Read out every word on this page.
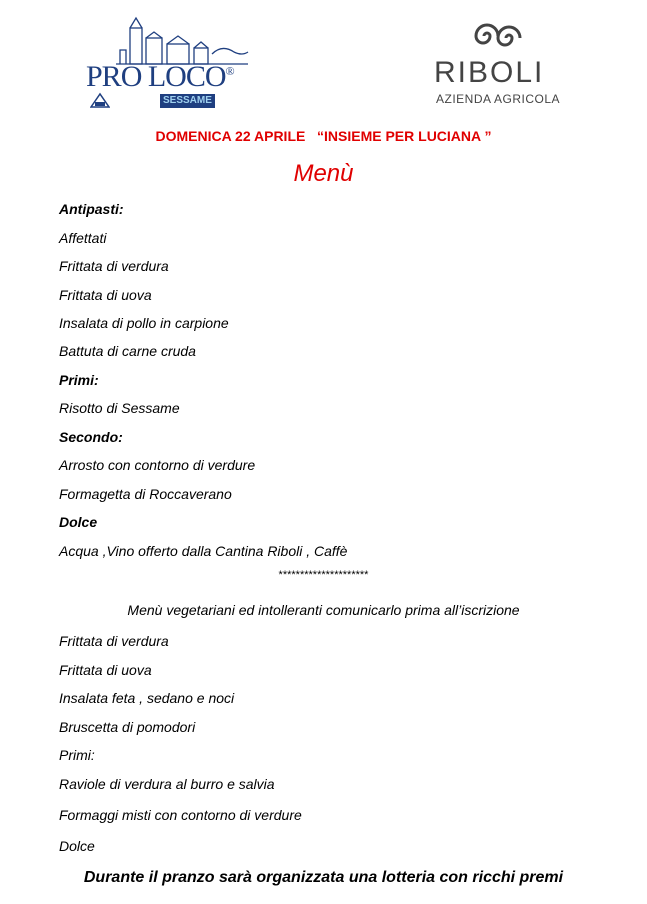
PRO LOCO®
SESSAME
RIBOLI
AZIENDA AGRICOLA
DOMENICA 22 APRILE   “INSIEME PER LUCIANA ”
Menù
Antipasti:
Affettati
Frittata di verdura
Frittata di uova
Insalata di pollo in carpione
Battuta di carne cruda
Primi:
Risotto di Sessame
Secondo:
Arrosto con contorno di verdure
Formagetta di Roccaverano
Dolce
Acqua ,Vino offerto dalla Cantina Riboli , Caffè
*********************
Menù vegetariani ed intolleranti comunicarlo prima all’iscrizione
Frittata di verdura
Frittata di uova
Insalata feta , sedano e noci
Bruscetta di pomodori
Primi:
Raviole di verdura al burro e salvia
Formaggi misti con contorno di verdure
Dolce
Durante il pranzo sarà organizzata una lotteria con ricchi premi
